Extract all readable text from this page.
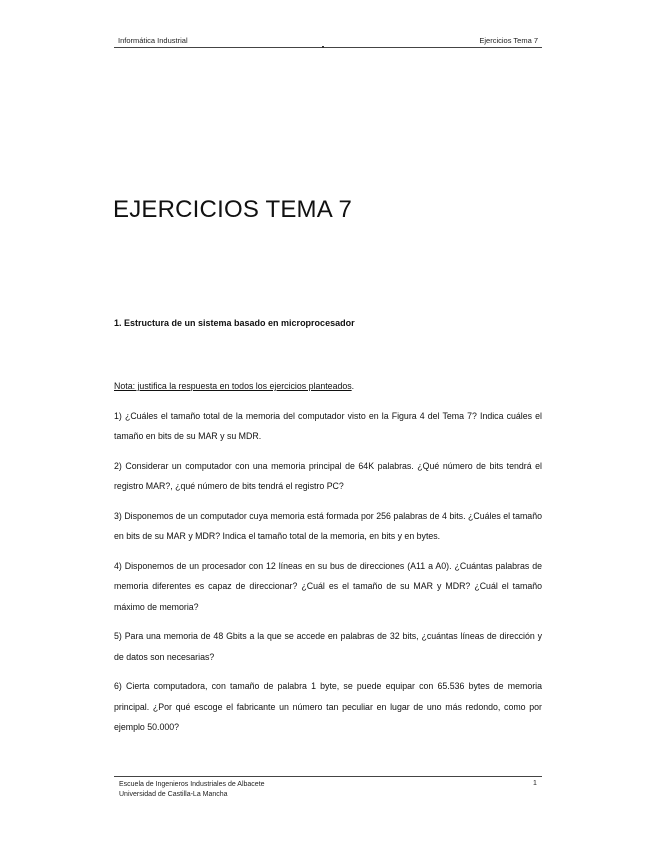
Informática Industrial	Ejercicios Tema 7
EJERCICIOS TEMA 7
1. Estructura de un sistema basado en microprocesador

Nota: justifica la respuesta en todos los ejercicios planteados.

1) ¿Cuáles el tamaño total de la memoria del computador visto en la Figura 4 del Tema 7? Indica cuáles el tamaño en bits de su MAR y su MDR.

2) Considerar un computador con una memoria principal de 64K palabras. ¿Qué número de bits tendrá el registro MAR?, ¿qué número de bits tendrá el registro PC?

3) Disponemos de un computador cuya memoria está formada por 256 palabras de 4 bits. ¿Cuáles el tamaño en bits de su MAR y MDR? Indica el tamaño total de la memoria, en bits y en bytes.

4) Disponemos de un procesador con 12 líneas en su bus de direcciones (A11 a A0). ¿Cuántas palabras de memoria diferentes es capaz de direccionar? ¿Cuál es el tamaño de su MAR y MDR? ¿Cuál el tamaño máximo de memoria?

5) Para una memoria de 48 Gbits a la que se accede en palabras de 32 bits, ¿cuántas líneas de dirección y de datos son necesarias?

6) Cierta computadora, con tamaño de palabra 1 byte, se puede equipar con 65.536 bytes de memoria principal. ¿Por qué escoge el fabricante un número tan peculiar en lugar de uno más redondo, como por ejemplo 50.000?

Escuela de Ingenieros Industriales de Albacete
Universidad de Castilla-La Mancha
1
